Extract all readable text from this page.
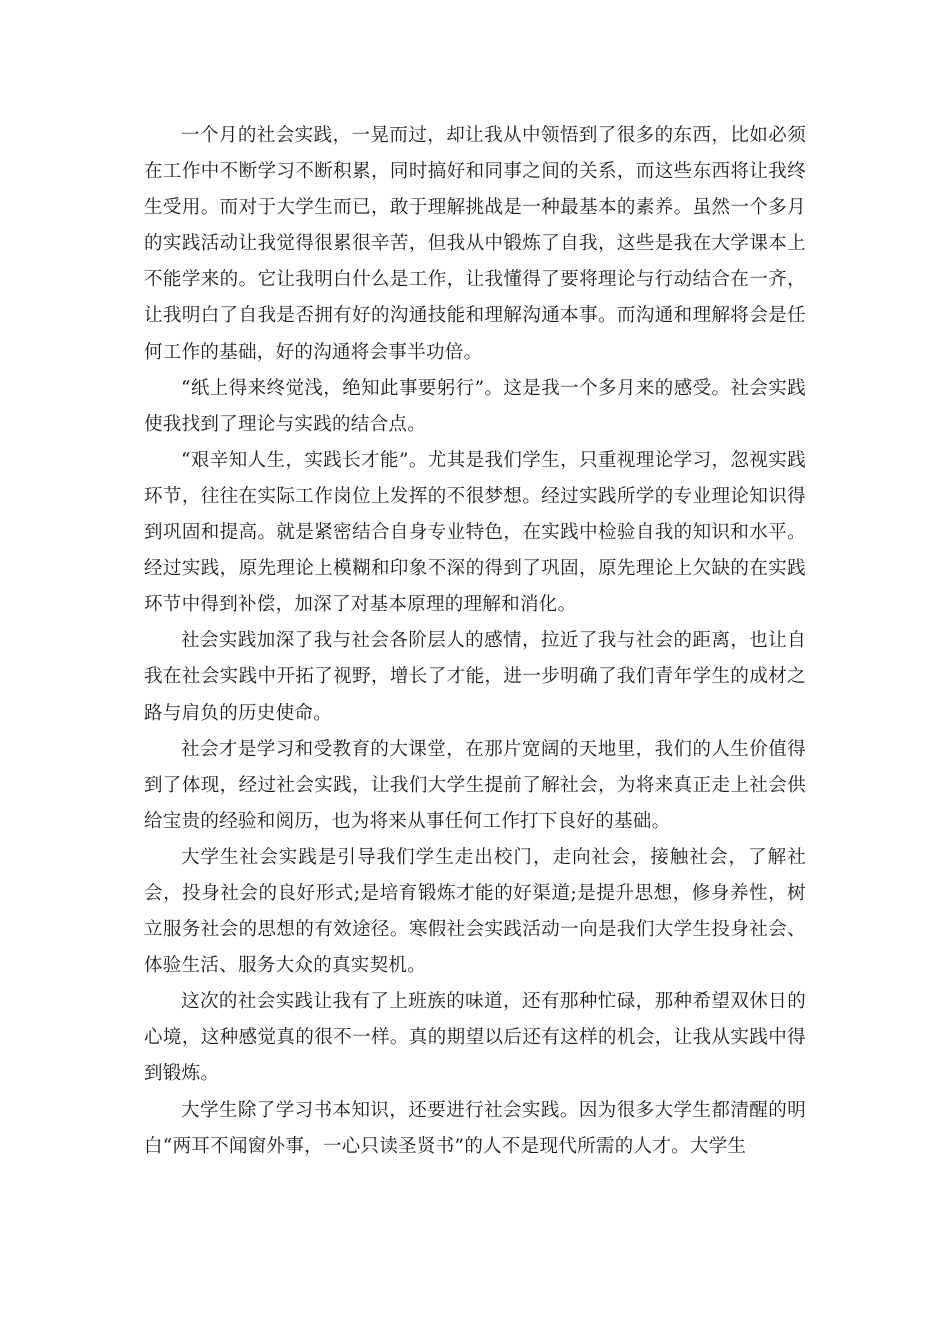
一个月的社会实践，一晃而过，却让我从中领悟到了很多的东西，比如必须在工作中不断学习不断积累，同时搞好和同事之间的关系，而这些东西将让我终生受用。而对于大学生而已，敢于理解挑战是一种最基本的素养。虽然一个多月的实践活动让我觉得很累很辛苦，但我从中锻炼了自我，这些是我在大学课本上不能学来的。它让我明白什么是工作，让我懂得了要将理论与行动结合在一齐，让我明白了自我是否拥有好的沟通技能和理解沟通本事。而沟通和理解将会是任何工作的基础，好的沟通将会事半功倍。

“纸上得来终觉浅，绝知此事要躬行”。这是我一个多月来的感受。社会实践使我找到了理论与实践的结合点。

“艰辛知人生，实践长才能”。尤其是我们学生，只重视理论学习，忽视实践环节，往往在实际工作岗位上发挥的不很梦想。经过实践所学的专业理论知识得到巩固和提高。就是紧密结合自身专业特色，在实践中检验自我的知识和水平。经过实践，原先理论上模糊和印象不深的得到了巩固，原先理论上欠缺的在实践环节中得到补偿，加深了对基本原理的理解和消化。

社会实践加深了我与社会各阶层人的感情，拉近了我与社会的距离，也让自我在社会实践中开拓了视野，增长了才能，进一步明确了我们青年学生的成材之路与肩负的历史使命。

社会才是学习和受教育的大课堂，在那片宽阔的天地里，我们的人生价值得到了体现，经过社会实践，让我们大学生提前了解社会，为将来真正走上社会供给宝贵的经验和阅历，也为将来从事任何工作打下良好的基础。

大学生社会实践是引导我们学生走出校门，走向社会，接触社会，了解社会，投身社会的良好形式;是培育锻炼才能的好渠道;是提升思想，修身养性，树立服务社会的思想的有效途径。寒假社会实践活动一向是我们大学生投身社会、体验生活、服务大众的真实契机。

这次的社会实践让我有了上班族的味道，还有那种忙碌，那种希望双休日的心境，这种感觉真的很不一样。真的期望以后还有这样的机会，让我从实践中得到锻炼。

大学生除了学习书本知识，还要进行社会实践。因为很多大学生都清醒的明白“两耳不闻窗外事，一心只读圣贤书”的人不是现代所需的人才。大学生
